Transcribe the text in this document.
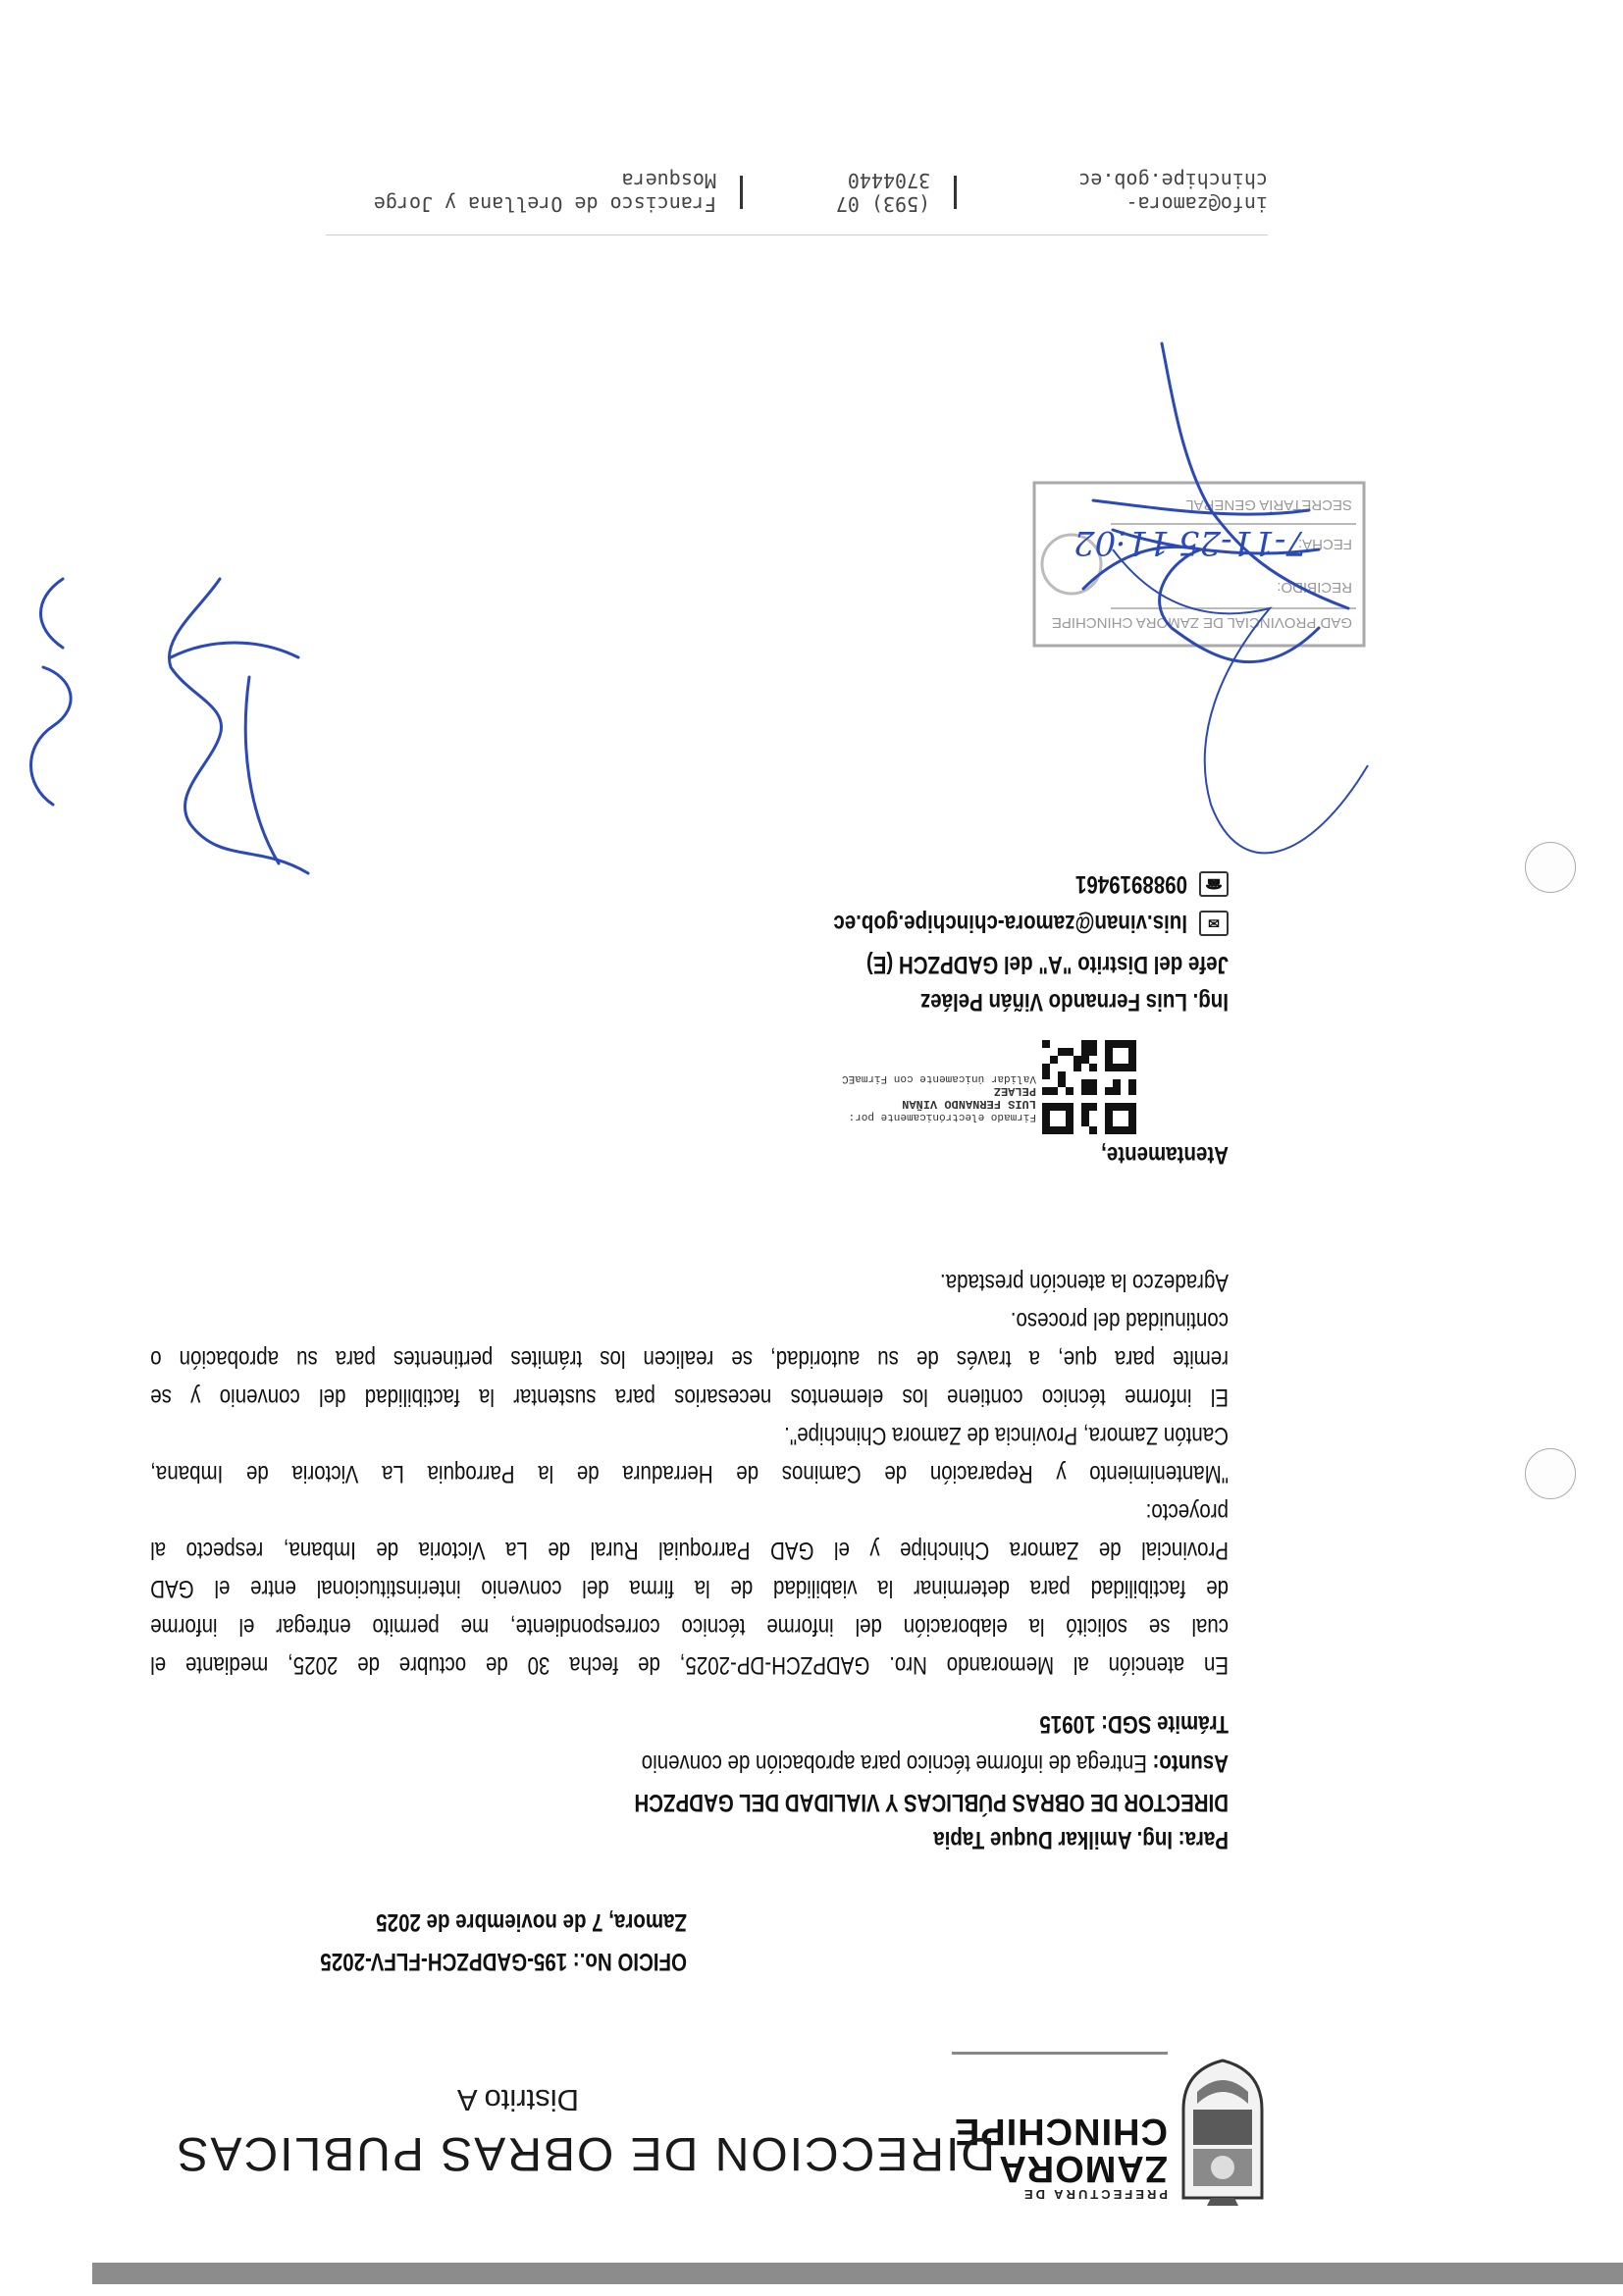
PREFECTURA DE
ZAMORA
CHINCHIPE
DIRECCION DE OBRAS PUBLICAS
Distrito A
OFICIO No.: 195-GADPZCH-FLFV-2025
Zamora, 7 de noviembre de 2025
Para: Ing. Amilkar Duque Tapia
DIRECTOR DE OBRAS PÚBLICAS Y VIALIDAD DEL GADPZCH
Asunto: Entrega de informe técnico para aprobación de convenio
Trámite SGD: 10915
En atención al Memorando Nro. GADPZCH-DP-2025, de fecha 30 de octubre de 2025, mediante el
cual se solicitó la elaboración del informe técnico correspondiente, me permito entregar el informe
de factibilidad para determinar la viabilidad de la firma del convenio interinstitucional entre el GAD
Provincial de Zamora Chinchipe y el GAD Parroquial Rural de La Victoria de Imbana, respecto al
proyecto:
"Mantenimiento y Reparación de Caminos de Herradura de la Parroquia La Victoria de Imbana,
Cantón Zamora, Provincia de Zamora Chinchipe".
El informe técnico contiene los elementos necesarios para sustentar la factibilidad del convenio y se
remite para que, a través de su autoridad, se realicen los trámites pertinentes para su aprobación o
continuidad del proceso.
Agradezco la atención prestada.
Atentamente,
Firmado electrónicamente por:
LUIS FERNANDO VIÑAN
PELAEZ
Validar únicamente con FirmaEC
Ing. Luis Fernando Viñán Peláez
Jefe del Distrito "A" del GADPZCH (E)
✉
luis.vinan@zamora-chinchipe.gob.ec
☎
0988919461
GAD PROVINCIAL DE ZAMORA CHINCHIPE
RECIBIDO:
FECHA:
SECRETARÍA GENERAL
7-11-25
11:02
info@zamora-chinchipe.gob.ec
(593) 07 3704440
Francisco de Orellana y Jorge Mosquera
